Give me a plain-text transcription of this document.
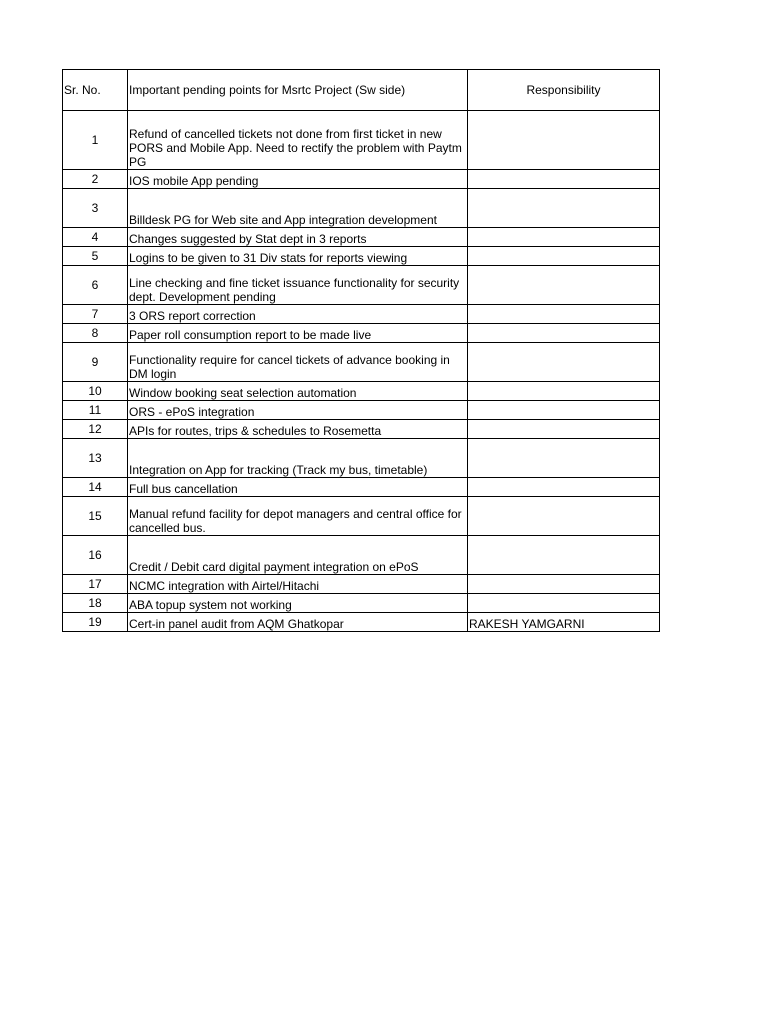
Sr. No.	Important pending points for Msrtc Project (Sw side)	Responsibility
1	Refund of cancelled tickets not done from first ticket in new PORS and Mobile App. Need to rectify the problem with Paytm PG	
2	IOS mobile App pending	
3	Billdesk PG for Web site and App integration development	
4	Changes suggested by Stat dept in 3 reports	
5	Logins to be given to 31 Div stats for reports viewing	
6	Line checking and fine ticket issuance functionality for security dept. Development pending	
7	3 ORS report correction	
8	Paper roll consumption report to be made live	
9	Functionality require for cancel tickets of advance booking in DM login	
10	Window booking seat selection automation	
11	ORS - ePoS integration	
12	APIs for routes, trips & schedules to Rosemetta	
13	Integration on App for tracking (Track my bus, timetable)	
14	Full bus cancellation	
15	Manual refund facility for depot managers and central office for cancelled bus.	
16	Credit / Debit card digital payment integration on ePoS	
17	NCMC integration with Airtel/Hitachi	
18	ABA topup system not working	
19	Cert-in panel audit from AQM Ghatkopar	RAKESH YAMGARNI
